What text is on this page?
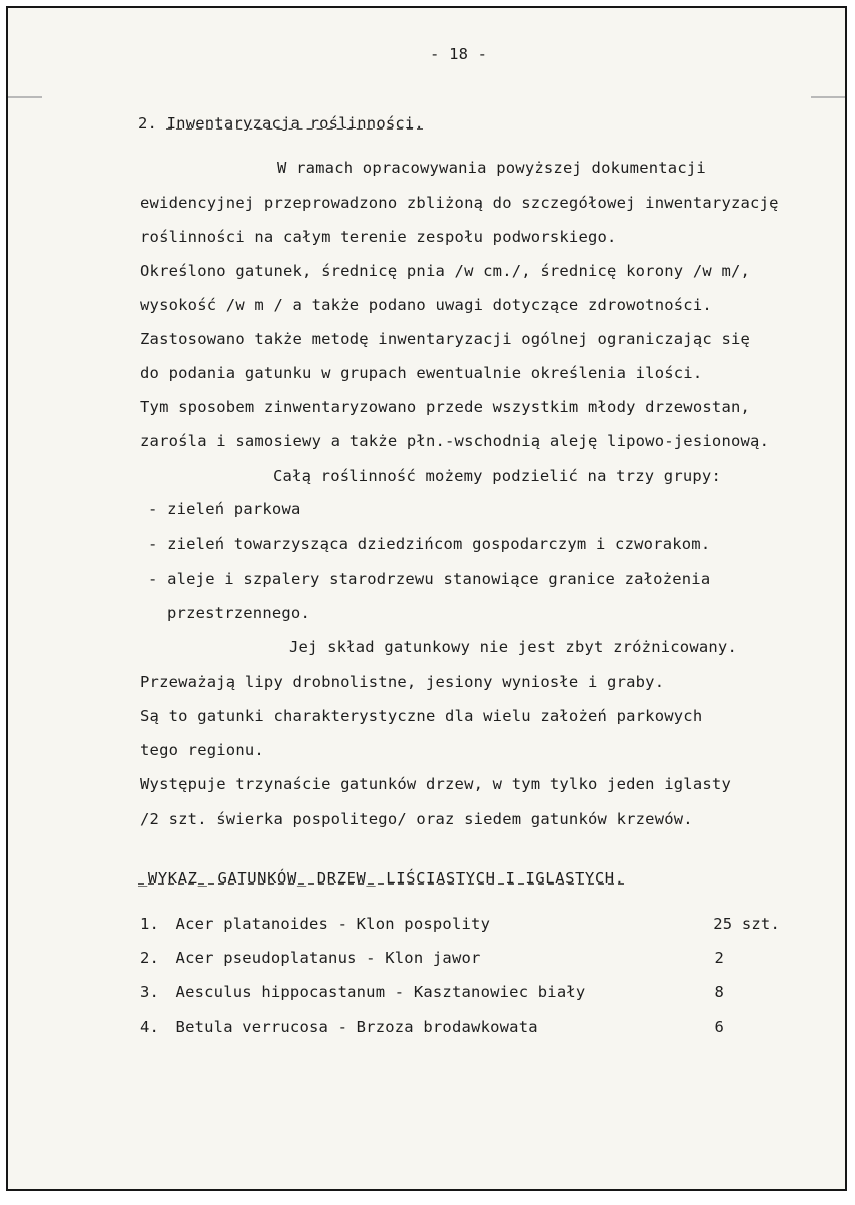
- 18 -
2. Inwentaryzacja roślinności.
W ramach opracowywania powyższej dokumentacji
ewidencyjnej przeprowadzono zbliżoną do szczegółowej inwentaryzację
roślinności na całym terenie zespołu podworskiego.
Określono gatunek, średnicę pnia /w cm./, średnicę korony /w m/,
wysokość /w m / a także podano uwagi dotyczące zdrowotności.
Zastosowano także metodę inwentaryzacji ogólnej ograniczając się
do podania gatunku w grupach ewentualnie określenia ilości.
Tym sposobem zinwentaryzowano przede wszystkim młody drzewostan,
zarośla i samosiewy a także płn.-wschodnią aleję lipowo-jesionową.
Całą roślinność możemy podzielić na trzy grupy:
- zieleń parkowa
- zieleń towarzysząca dziedzińcom gospodarczym i czworakom.
- aleje i szpalery starodrzewu stanowiące granice założenia
przestrzennego.
Jej skład gatunkowy nie jest zbyt zróżnicowany.
Przeważają lipy drobnolistne, jesiony wyniosłe i graby.
Są to gatunki charakterystyczne dla wielu założeń parkowych
tego regionu.
Występuje trzynaście gatunków drzew, w tym tylko jeden iglasty
/2 szt. świerka pospolitego/ oraz siedem gatunków krzewów.
_WYKAZ_ GATUNKÓW_ DRZEW_ LIŚCIASTYCH I IGLASTYCH.
1. Acer platanoides - Klon pospolity	25 szt.
2. Acer pseudoplatanus - Klon jawor	2
3. Aesculus hippocastanum - Kasztanowiec biały	8
4. Betula verrucosa - Brzoza brodawkowata	6
